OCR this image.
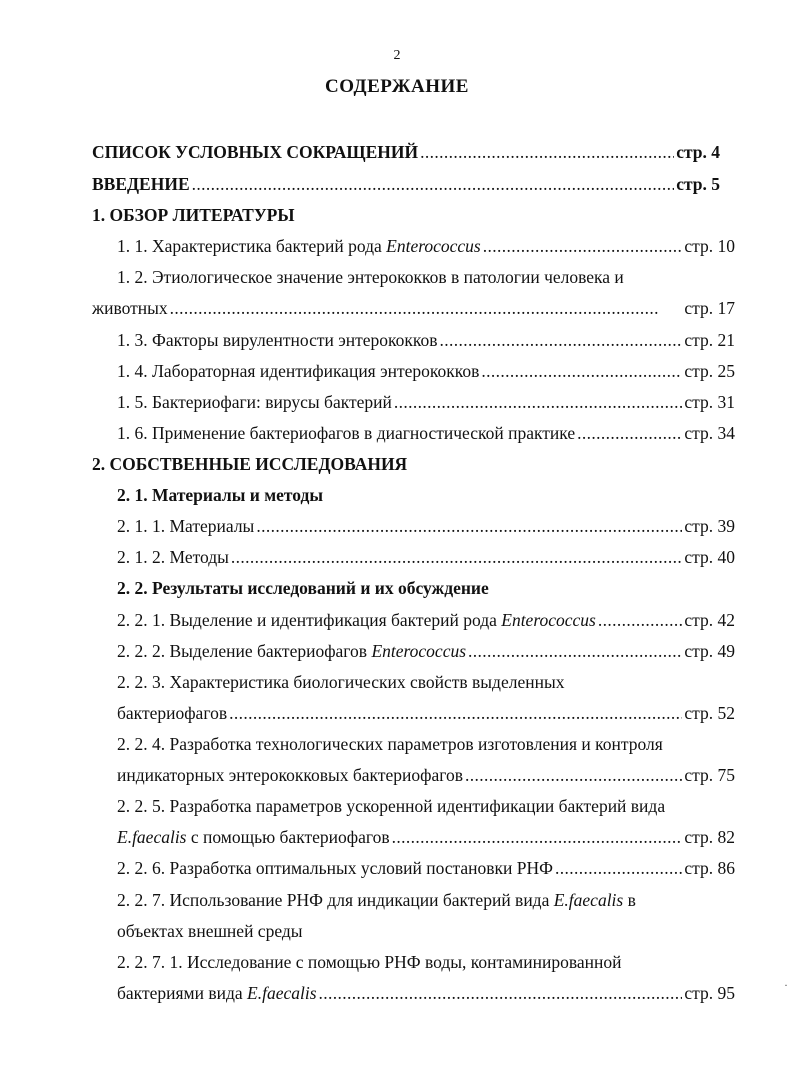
2
СОДЕРЖАНИЕ
СПИСОК УСЛОВНЫХ СОКРАЩЕНИЙ . . .	стр. 4
ВВЕДЕНИЕ . . .	стр. 5
1. ОБЗОР ЛИТЕРАТУРЫ
1. 1. Характеристика бактерий рода Enterococcus . . .	стр. 10
1. 2. Этиологическое значение энтерококков в патологии человека и
животных . . .	стр. 17
1. 3. Факторы вирулентности энтерококков . . .	стр. 21
1. 4. Лабораторная идентификация энтерококков . . .	стр. 25
1. 5. Бактериофаги: вирусы бактерий . . .	стр. 31
1. 6. Применение бактериофагов в диагностической практике . . .	стр. 34
2. СОБСТВЕННЫЕ ИССЛЕДОВАНИЯ
2. 1. Материалы и методы
2. 1. 1. Материалы . . .	стр. 39
2. 1. 2. Методы . . .	стр. 40
2. 2. Результаты исследований и их обсуждение
2. 2. 1. Выделение и идентификация бактерий рода Enterococcus . . .	стр. 42
2. 2. 2. Выделение бактериофагов Enterococcus . . .	стр. 49
2. 2. 3. Характеристика биологических свойств выделенных
бактериофагов . . .	стр. 52
2. 2. 4. Разработка технологических параметров изготовления и контроля
индикаторных энтерококковых бактериофагов . . .	стр. 75
2. 2. 5. Разработка параметров ускоренной идентификации бактерий вида
E.faecalis с помощью бактериофагов . . .	стр. 82
2. 2. 6. Разработка оптимальных условий постановки РНФ . . .	стр. 86
2. 2. 7. Использование РНФ для индикации бактерий вида E.faecalis в
объектах внешней среды
2. 2. 7. 1. Исследование с помощью РНФ воды, контаминированной
бактериями вида E.faecalis . . .	стр. 95	·
